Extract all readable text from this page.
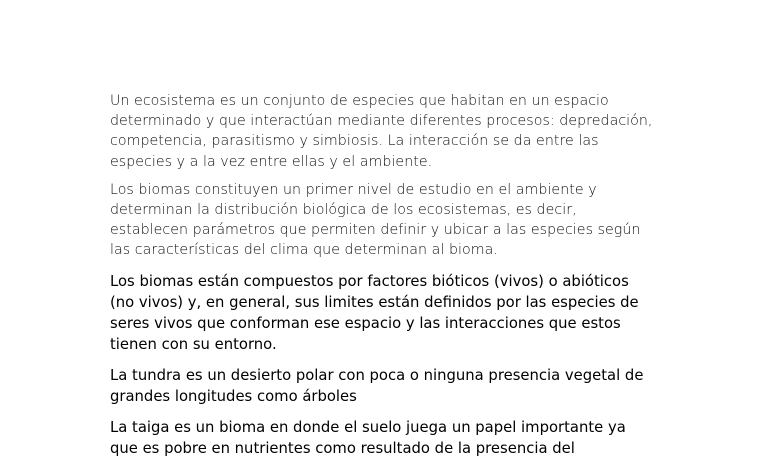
Un ecosistema es un conjunto de especies que habitan en un espacio
determinado y que interactúan mediante diferentes procesos: depredación,
competencia, parasitismo y simbiosis. La interacción se da entre las
especies y a la vez entre ellas y el ambiente.

Los biomas constituyen un primer nivel de estudio en el ambiente y
determinan la distribución biológica de los ecosistemas, es decir,
establecen parámetros que permiten definir y ubicar a las especies según
las características del clima que determinan al bioma.

Los biomas están compuestos por factores bióticos (vivos) o abióticos
(no vivos) y, en general, sus limites están definidos por las especies de
seres vivos que conforman ese espacio y las interacciones que estos
tienen con su entorno.

La tundra es un desierto polar con poca o ninguna presencia vegetal de
grandes longitudes como árboles

La taiga es un bioma en donde el suelo juega un papel importante ya
que es pobre en nutrientes como resultado de la presencia del
